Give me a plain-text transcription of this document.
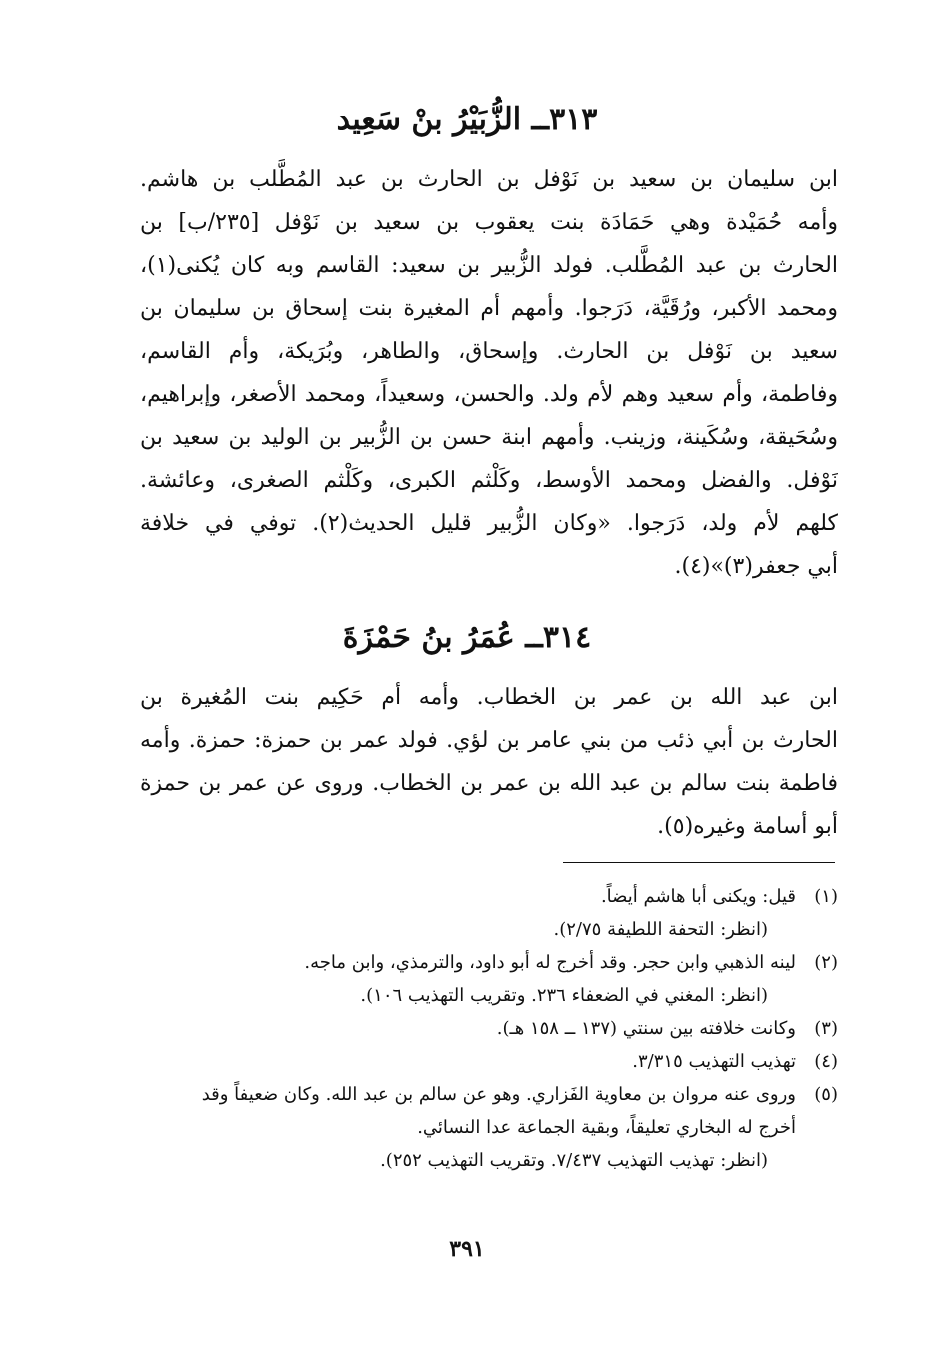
٣١٣ــ الزُّبَيْرُ بنْ سَعِيد
ابن سليمان بن سعيد بن نَوْفل بن الحارث بن عبد المُطَّلب بن هاشم.
وأمه حُمَيْدة وهي حَمَادَة بنت يعقوب بن سعيد بن نَوْفل [٢٣٥/ب] بن
الحارث بن عبد المُطَّلب. فولد الزُّبير بن سعيد: القاسم وبه كان يُكنى(١)،
ومحمد الأكبر، ورُقَيَّة، دَرَجوا. وأمهم أم المغيرة بنت إسحاق بن سليمان بن
سعيد بن نَوْفل بن الحارث. وإسحاق، والطاهر، وبُرَيكة، وأم القاسم،
وفاطمة، وأم سعيد وهم لأم ولد. والحسن، وسعيداً، ومحمد الأصغر، وإبراهيم،
وسُحَيقة، وسُكَينة، وزينب. وأمهم ابنة حسن بن الزُّبير بن الوليد بن سعيد بن
نَوْفل. والفضل ومحمد الأوسط، وكَلْثم الكبرى، وكَلْثم الصغرى، وعائشة.
كلهم لأم ولد، دَرَجوا. «وكان الزُّبير قليل الحديث(٢). توفي في خلافة
أبي جعفر(٣)»(٤).
٣١٤ــ عُمَرُ بنُ حَمْزَةَ
ابن عبد الله بن عمر بن الخطاب. وأمه أم حَكِيم بنت المُغيرة بن
الحارث بن أبي ذئب من بني عامر بن لؤي. فولد عمر بن حمزة: حمزة. وأمه
فاطمة بنت سالم بن عبد الله بن عمر بن الخطاب. وروى عن عمر بن حمزة
أبو أسامة وغيره(٥).
(١)
قيل: ويكنى أبا هاشم أيضاً.
(انظر: التحفة اللطيفة ٢/٧٥).
(٢)
لينه الذهبي وابن حجر. وقد أخرج له أبو داود، والترمذي، وابن ماجه.
(انظر: المغني في الضعفاء ٢٣٦. وتقريب التهذيب ١٠٦).
(٣)
وكانت خلافته بين سنتي (١٣٧ ــ ١٥٨ هـ).
(٤)
تهذيب التهذيب ٣/٣١٥.
(٥)
وروى عنه مروان بن معاوية الفَزاري. وهو عن سالم بن عبد الله. وكان ضعيفاً وقد
أخرج له البخاري تعليقاً، وبقية الجماعة عدا النسائي.
(انظر: تهذيب التهذيب ٧/٤٣٧. وتقريب التهذيب ٢٥٢).
٣٩١
